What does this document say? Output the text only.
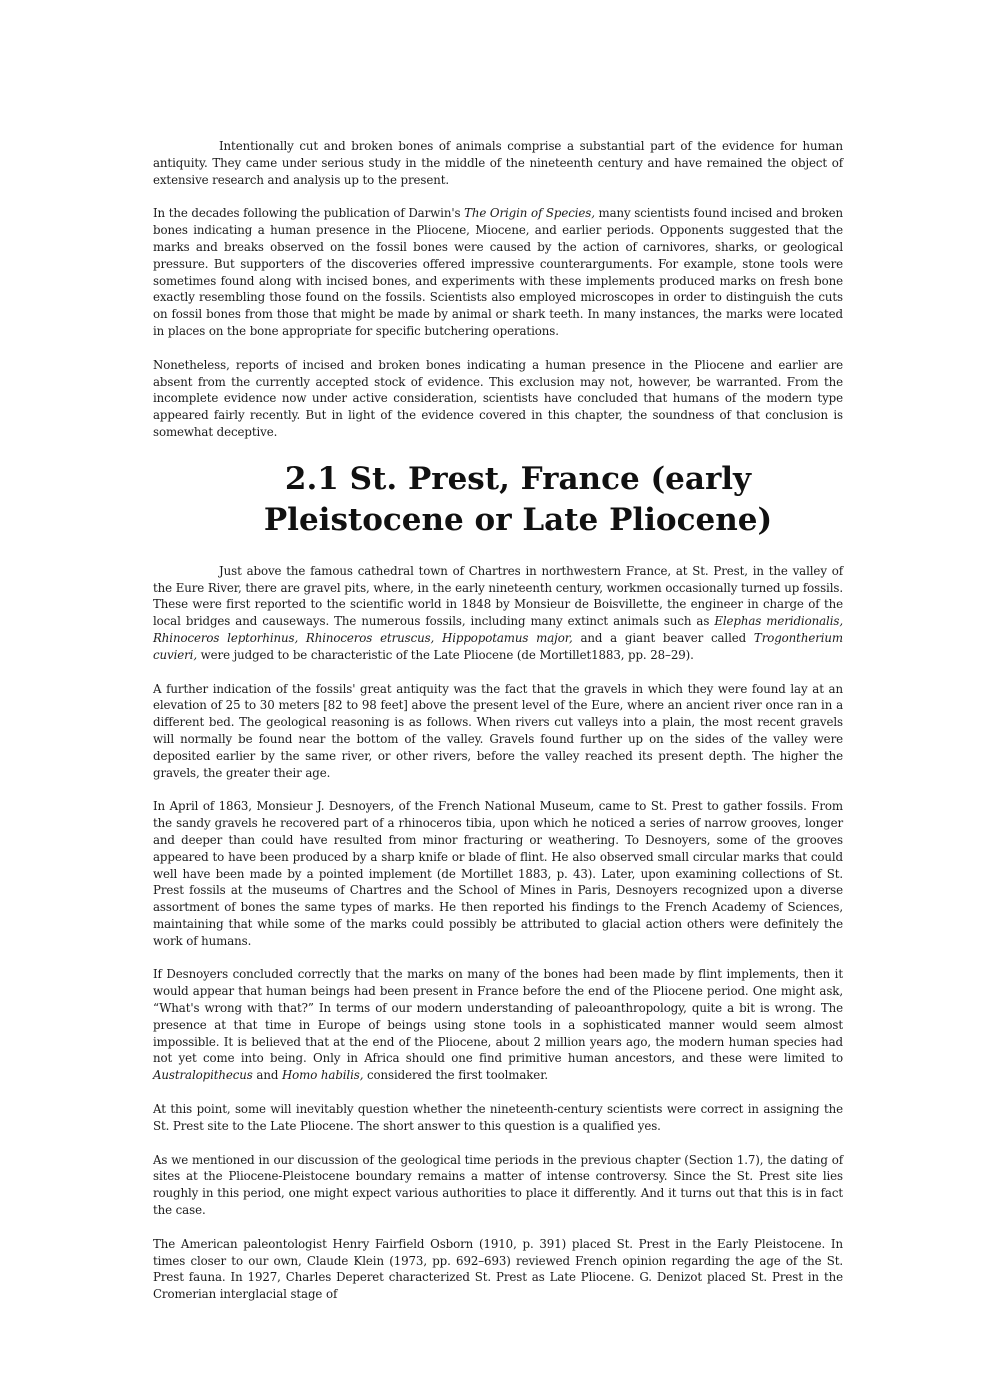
Intentionally cut and broken bones of animals comprise a substantial part of the evidence for human antiquity. They came under serious study in the middle of the nineteenth century and have remained the object of extensive research and analysis up to the present.

In the decades following the publication of Darwin's The Origin of Species, many scientists found incised and broken bones indicating a human presence in the Pliocene, Miocene, and earlier periods. Opponents suggested that the marks and breaks observed on the fossil bones were caused by the action of carnivores, sharks, or geological pressure. But supporters of the discoveries offered impressive counterarguments. For example, stone tools were sometimes found along with incised bones, and experiments with these implements produced marks on fresh bone exactly resembling those found on the fossils. Scientists also employed microscopes in order to distinguish the cuts on fossil bones from those that might be made by animal or shark teeth. In many instances, the marks were located in places on the bone appropriate for specific butchering operations.

Nonetheless, reports of incised and broken bones indicating a human presence in the Pliocene and earlier are absent from the currently accepted stock of evidence. This exclusion may not, however, be warranted. From the incomplete evidence now under active consideration, scientists have concluded that humans of the modern type appeared fairly recently. But in light of the evidence covered in this chapter, the soundness of that conclusion is somewhat deceptive.

2.1 St. Prest, France (early Pleistocene or Late Pliocene)

Just above the famous cathedral town of Chartres in northwestern France, at St. Prest, in the valley of the Eure River, there are gravel pits, where, in the early nineteenth century, workmen occasionally turned up fossils. These were first reported to the scientific world in 1848 by Monsieur de Boisvillette, the engineer in charge of the local bridges and causeways. The numerous fossils, including many extinct animals such as Elephas meridionalis, Rhinoceros leptorhinus, Rhinoceros etruscus, Hippopotamus major, and a giant beaver called Trogontherium cuvieri, were judged to be characteristic of the Late Pliocene (de Mortillet1883, pp. 28–29).

A further indication of the fossils' great antiquity was the fact that the gravels in which they were found lay at an elevation of 25 to 30 meters [82 to 98 feet] above the present level of the Eure, where an ancient river once ran in a different bed. The geological reasoning is as follows. When rivers cut valleys into a plain, the most recent gravels will normally be found near the bottom of the valley. Gravels found further up on the sides of the valley were deposited earlier by the same river, or other rivers, before the valley reached its present depth. The higher the gravels, the greater their age.

In April of 1863, Monsieur J. Desnoyers, of the French National Museum, came to St. Prest to gather fossils. From the sandy gravels he recovered part of a rhinoceros tibia, upon which he noticed a series of narrow grooves, longer and deeper than could have resulted from minor fracturing or weathering. To Desnoyers, some of the grooves appeared to have been produced by a sharp knife or blade of flint. He also observed small circular marks that could well have been made by a pointed implement (de Mortillet 1883, p. 43). Later, upon examining collections of St. Prest fossils at the museums of Chartres and the School of Mines in Paris, Desnoyers recognized upon a diverse assortment of bones the same types of marks. He then reported his findings to the French Academy of Sciences, maintaining that while some of the marks could possibly be attributed to glacial action others were definitely the work of humans.

If Desnoyers concluded correctly that the marks on many of the bones had been made by flint implements, then it would appear that human beings had been present in France before the end of the Pliocene period. One might ask, “What's wrong with that?” In terms of our modern understanding of paleoanthropology, quite a bit is wrong. The presence at that time in Europe of beings using stone tools in a sophisticated manner would seem almost impossible. It is believed that at the end of the Pliocene, about 2 million years ago, the modern human species had not yet come into being. Only in Africa should one find primitive human ancestors, and these were limited to Australopithecus and Homo habilis, considered the first toolmaker.

At this point, some will inevitably question whether the nineteenth-century scientists were correct in assigning the St. Prest site to the Late Pliocene. The short answer to this question is a qualified yes.

As we mentioned in our discussion of the geological time periods in the previous chapter (Section 1.7), the dating of sites at the Pliocene-Pleistocene boundary remains a matter of intense controversy. Since the St. Prest site lies roughly in this period, one might expect various authorities to place it differently. And it turns out that this is in fact the case.

The American paleontologist Henry Fairfield Osborn (1910, p. 391) placed St. Prest in the Early Pleistocene. In times closer to our own, Claude Klein (1973, pp. 692–693) reviewed French opinion regarding the age of the St. Prest fauna. In 1927, Charles Deperet characterized St. Prest as Late Pliocene. G. Denizot placed St. Prest in the Cromerian interglacial stage of
